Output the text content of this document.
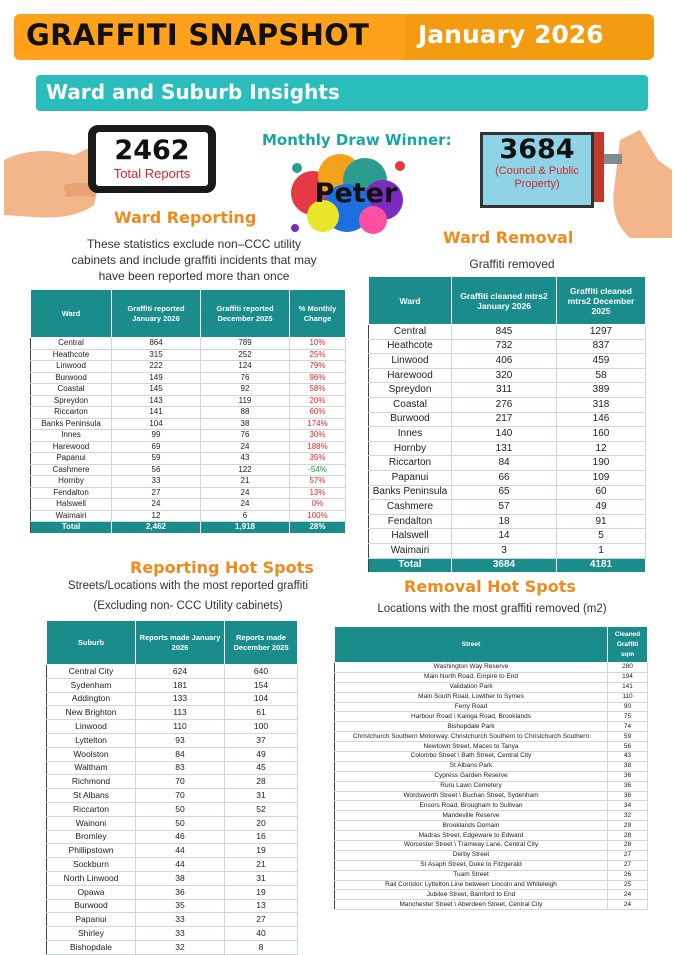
GRAFFITI SNAPSHOT January 2026
Ward and Suburb Insights
2462
Total Reports
Monthly Draw Winner:
Peter
3684
(Council & Public Property)
Ward Reporting
These statistics exclude non–CCC utility cabinets and include graffiti incidents that may have been reported more than once
Ward	Graffiti reported January 2026	Graffiti reported December 2025	% Monthly Change
Central	864	789	10%
Heathcote	315	252	25%
Linwood	222	124	79%
Burwood	149	76	96%
Coastal	145	92	58%
Spreydon	143	119	20%
Riccarton	141	88	60%
Banks Peninsula	104	38	174%
Innes	99	76	30%
Harewood	69	24	188%
Papanui	59	43	35%
Cashmere	56	122	-54%
Hornby	33	21	57%
Fendalton	27	24	13%
Halswell	24	24	0%
Waimairi	12	6	100%
Total	2,462	1,918	28%
Ward Removal
Graffiti removed
Ward	Graffiti cleaned mtrs2 January 2026	Graffiti cleaned mtrs2 December 2025
Central	845	1297
Heathcote	732	837
Linwood	406	459
Harewood	320	58
Spreydon	311	389
Coastal	276	318
Burwood	217	146
Innes	140	160
Hornby	131	12
Riccarton	84	190
Papanui	66	109
Banks Peninsula	65	60
Cashmere	57	49
Fendalton	18	91
Halswell	14	5
Waimairi	3	1
Total	3684	4181
Reporting Hot Spots
Streets/Locations with the most reported graffiti
(Excluding non- CCC Utility cabinets)
Suburb	Reports made January 2026	Reports made December 2025
Central City	624	640
Sydenham	181	154
Addington	133	104
New Brighton	113	61
Linwood	110	100
Lyttelton	93	37
Woolston	84	49
Waltham	83	45
Richmond	70	28
St Albans	70	31
Riccarton	50	52
Wainoni	50	20
Bromley	46	16
Phillipstown	44	19
Sockburn	44	21
North Linwood	38	31
Opawa	36	19
Burwood	35	13
Papanui	33	27
Shirley	33	40
Bishopdale	32	8
Removal Hot Spots
Locations with the most graffiti removed (m2)
Street	Cleaned Graffiti sqm
Washington Way Reserve	280
Main North Road, Empire to End	194
Validation Park	141
Main South Road, Lowther to Symes	110
Ferry Road	90
Harbour Road \ Kainga Road, Brooklands	75
Bishopdale Park	74
Christchurch Southern Motorway, Christchurch Southern to Christchurch Southern	59
Newtown Street, Maces to Tanya	56
Colombo Street \ Bath Street, Central City	43
St Albans Park	38
Cypress Garden Reserve	36
Ruru Lawn Cemetery	36
Wordsworth Street \ Buchan Street, Sydenham	36
Ensors Road, Brougham to Sullivan	34
Mandeville Reserve	32
Brooklands Domain	29
Madras Street, Edgeware to Edward	28
Worcester Street \ Tramway Lane, Central City	28
Derby Street	27
St Asaph Street, Duke to Fitzgerald	27
Tuam Street	26
Rail Corridor, Lyttelton Line between Lincoln and Whiteleigh	25
Jubilee Street, Bamford to End	24
Manchester Street \ Aberdeen Street, Central City	24
